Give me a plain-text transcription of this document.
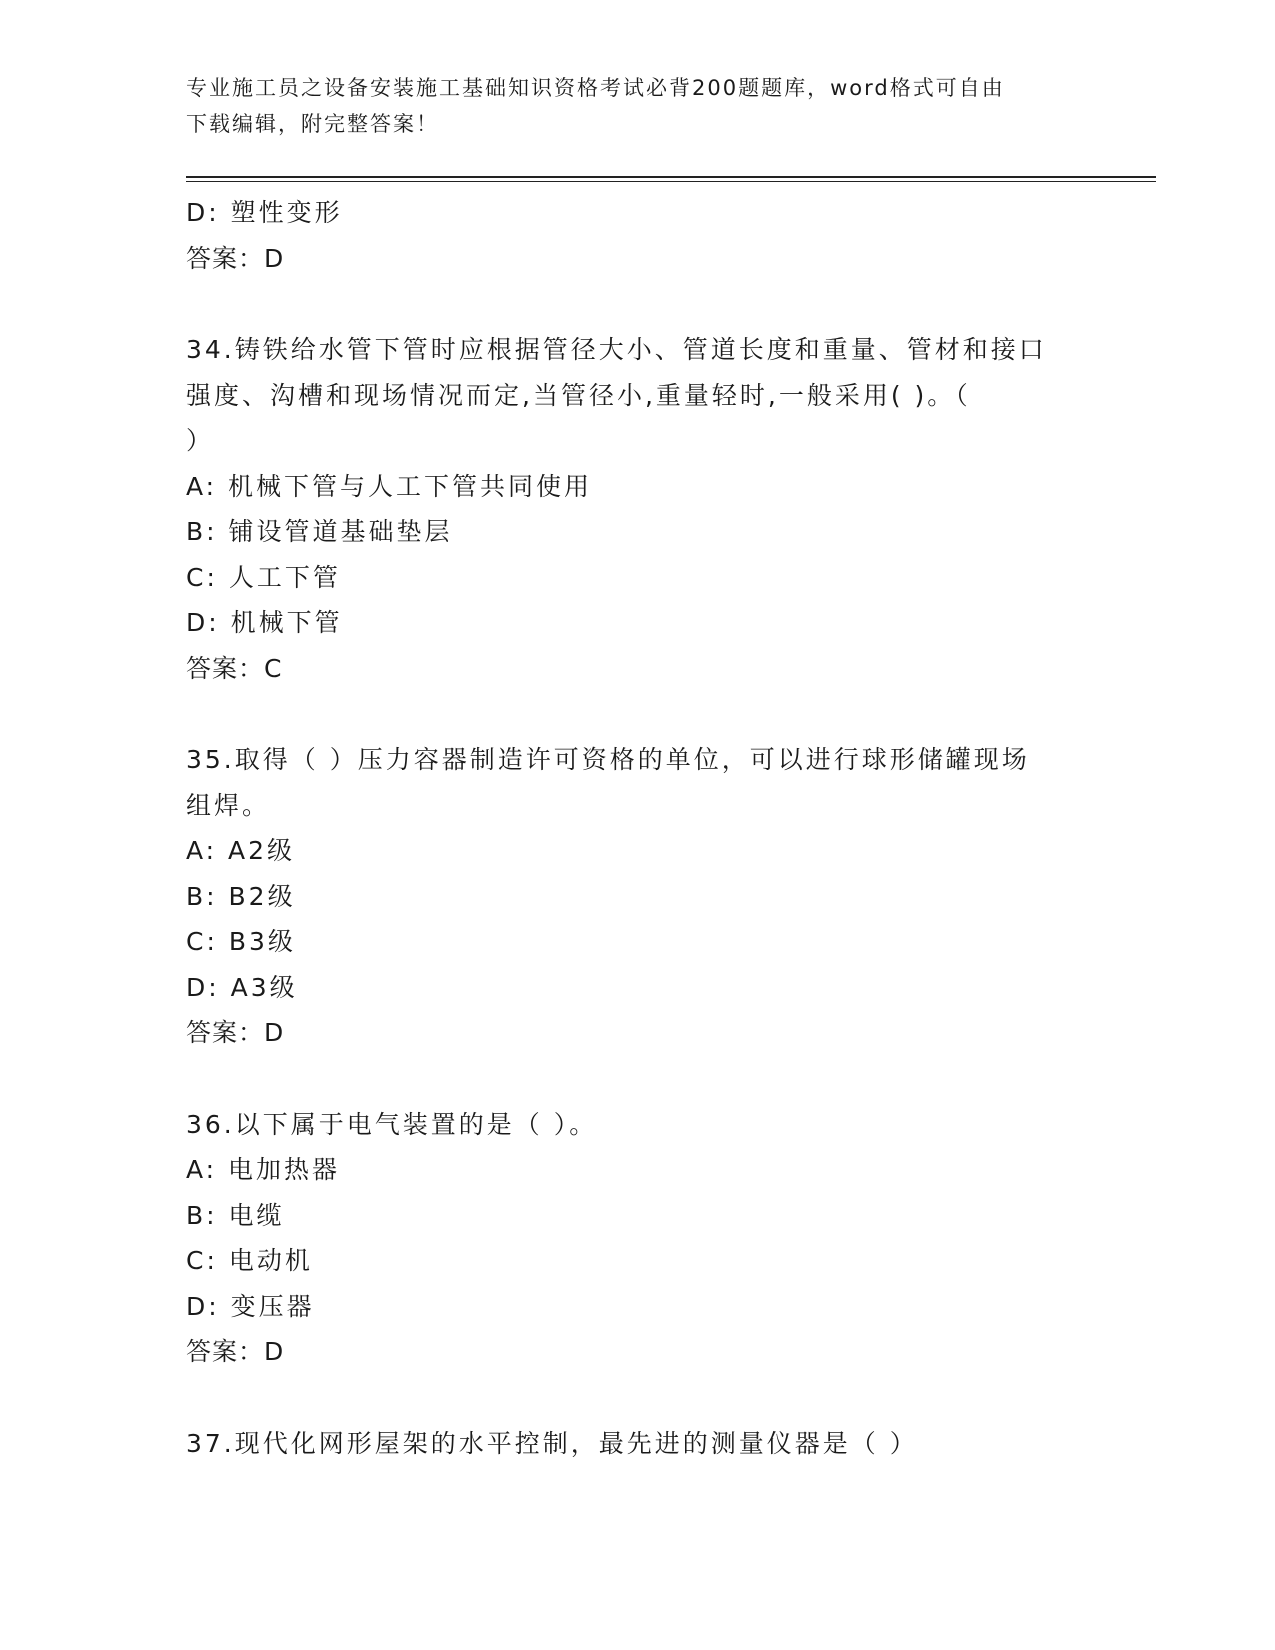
专业施工员之设备安装施工基础知识资格考试必背200题题库，word格式可自由
下载编辑，附完整答案！
D: 塑性变形
答案：D
34.铸铁给水管下管时应根据管径大小、管道长度和重量、管材和接口
强度、沟槽和现场情况而定,当管径小,重量轻时,一般采用( )。（
）
A: 机械下管与人工下管共同使用
B: 铺设管道基础垫层
C: 人工下管
D: 机械下管
答案：C
35.取得（ ）压力容器制造许可资格的单位，可以进行球形储罐现场
组焊。
A: A2级
B: B2级
C: B3级
D: A3级
答案：D
36.以下属于电气装置的是（ ）。
A: 电加热器
B: 电缆
C: 电动机
D: 变压器
答案：D
37.现代化网形屋架的水平控制，最先进的测量仪器是（ ）
